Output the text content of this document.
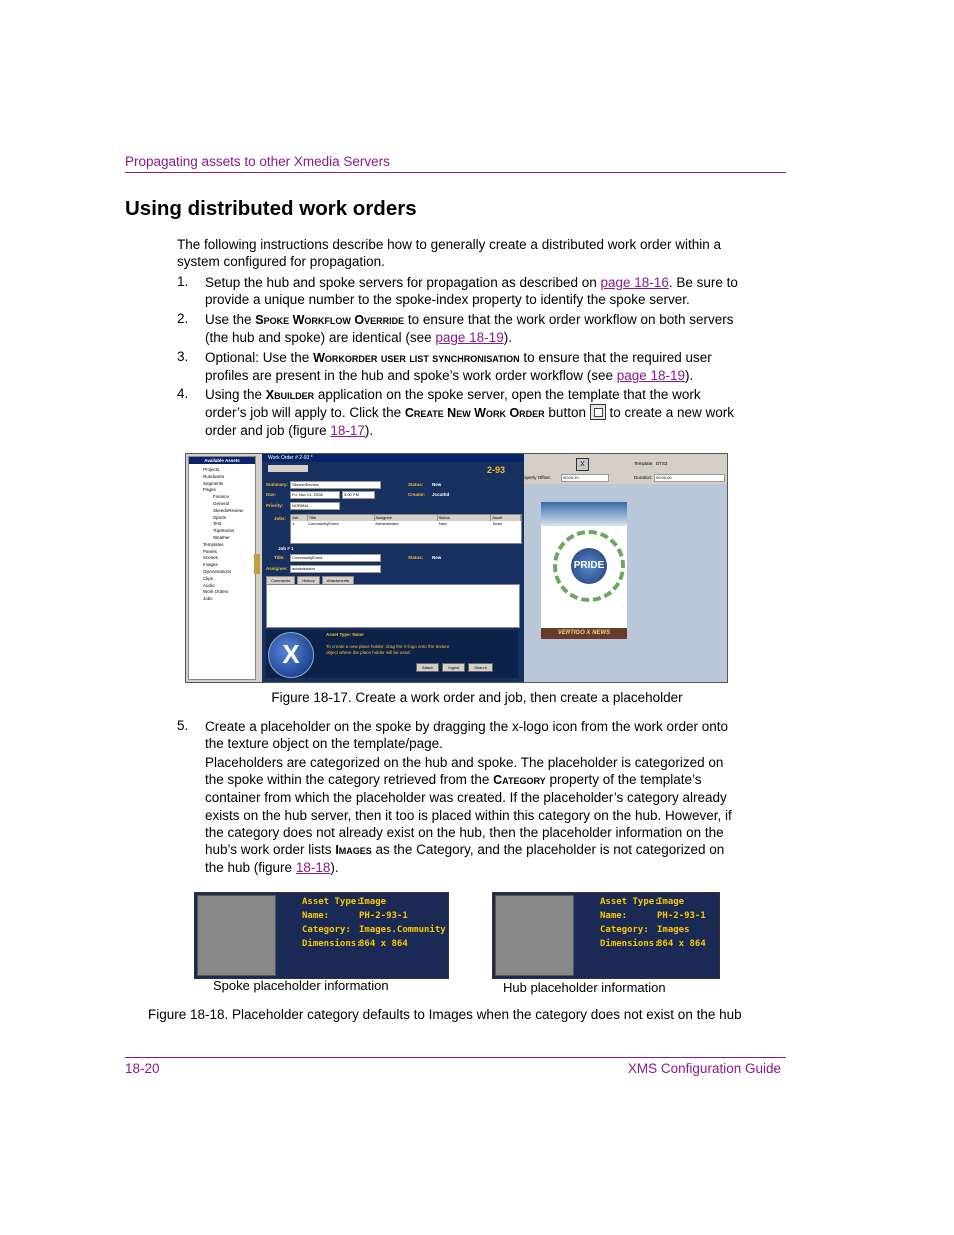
Propagating assets to other Xmedia Servers
Using distributed work orders
The following instructions describe how to generally create a distributed work order within a system configured for propagation.
1. Setup the hub and spoke servers for propagation as described on page 18-16. Be sure to provide a unique number to the spoke-index property to identify the spoke server.
2. Use the Spoke Workflow Override to ensure that the work order workflow on both servers (the hub and spoke) are identical (see page 18-19).
3. Optional: Use the Workorder user list synchronisation to ensure that the required user profiles are present in the hub and spoke’s work order workflow (see page 18-19).
4. Using the Xbuilder application on the spoke server, open the template that the work order’s job will apply to. Click the Create New Work Order button
to create a new work order and job (figure 18-17).
Available Assets
Projects
Rundowns
Segments
Pages
Finance
General
SkeedoReview
Sports
Test
TopStories
Weather
Templates
Panels
Scenes
Images
OpAnimations
Clips
Audio
Work Orders
Jobs
Work Order # 2-93 *
2-93
Summary: SkeedoReview
Due:	Fri, Nov 21, 2008	3:00 PM
Priority:	NORMAL
Status: New
Creator: Jccuthd
Jobs: Job	Title	Assignee	Status	Asset
1	CommunityEvent	Administrator	New	None
Job # 1
Title:	CommunityEvent	Status: New
Assignee:	administrator
Comments	History	Attachments
X
Asset Type: None
To create a new place holder: drag the X-logo onto the texture object where the place holder will be used.
Attach	Ingest	Search
X	Template: DTS2
Duration: 00:00:00
operty Offset:	00:00:10
PRIDE
VERTIGO X NEWS
Figure 18-17. Create a work order and job, then create a placeholder
5. Create a placeholder on the spoke by dragging the x-logo icon from the work order onto the texture object on the template/page.
Placeholders are categorized on the hub and spoke. The placeholder is categorized on the spoke within the category retrieved from the Category property of the template’s container from which the placeholder was created. If the placeholder’s category already exists on the hub server, then it too is placed within this category on the hub. However, if the category does not already exist on the hub, then the placeholder information on the hub’s work order lists Images as the Category, and the placeholder is not categorized on the hub (figure 18-18).
Asset Type:
Image
Name:	PH-2-93-1
Category: Images.Community
Dimensions:
864 x 864
Spoke placeholder information
Asset Type:
Image
Name:	PH-2-93-1
Category: Images
Dimensions:
864 x 864
Hub placeholder information
Figure 18-18. Placeholder category defaults to Images when the category does not exist on the hub
18-20	XMS Configuration Guide
